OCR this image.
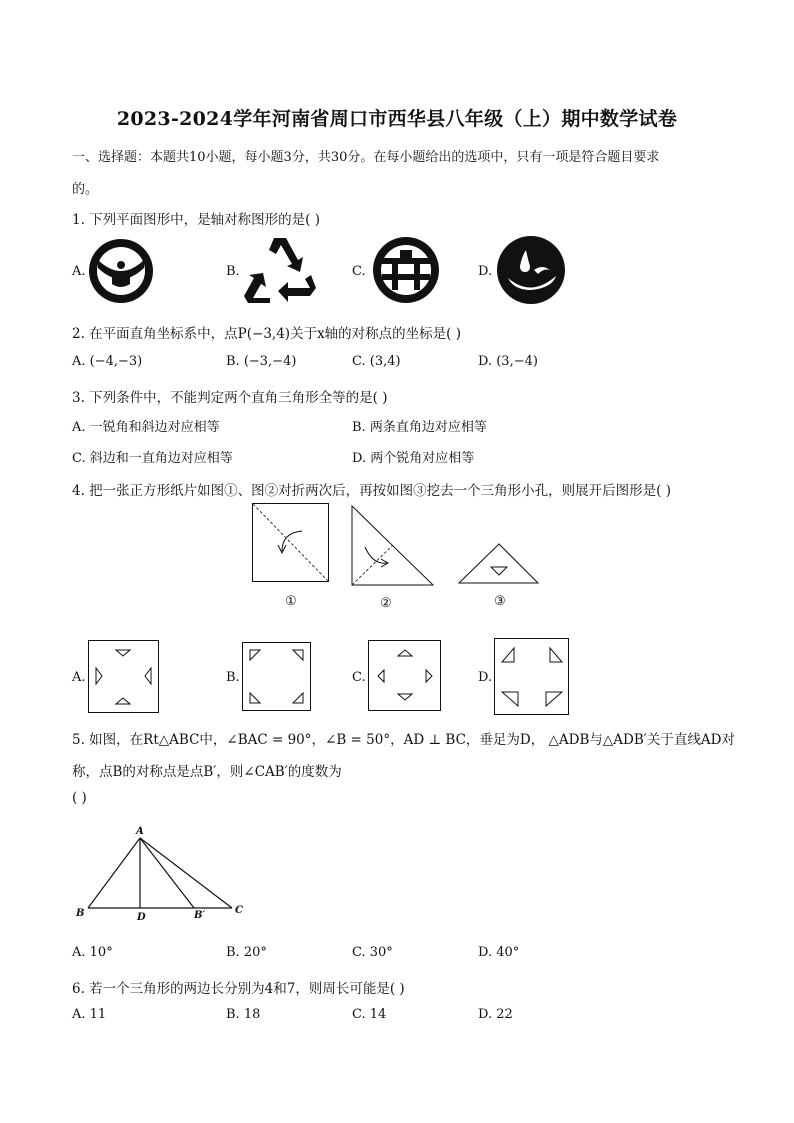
2023-2024学年河南省周口市西华县八年级（上）期中数学试卷
一、选择题：本题共10小题，每小题3分，共30分。在每小题给出的选项中，只有一项是符合题目要求
的。
1. 下列平面图形中，是轴对称图形的是( )
A.	B.	C.	D.
2. 在平面直角坐标系中，点P(−3,4)关于x轴的对称点的坐标是( )
A. (−4,−3)	B. (−3,−4)	C. (3,4)	D. (3,−4)
3. 下列条件中，不能判定两个直角三角形全等的是( )
A. 一锐角和斜边对应相等	B. 两条直角边对应相等
C. 斜边和一直角边对应相等	D. 两个锐角对应相等
4. 把一张正方形纸片如图①、图②对折两次后，再按如图③挖去一个三角形小孔，则展开后图形是( )
①	②	③
A.	B.	C.	D.
5. 如图，在Rt△ABC中，∠BAC = 90°，∠B = 50°，AD ⊥ BC，垂足为D， △ADB与△ADB′关于直线AD对
称，点B的对称点是点B′，则∠CAB′的度数为
( )
A
B	D	B′	C
A. 10°	B. 20°	C. 30°	D. 40°
6. 若一个三角形的两边长分别为4和7，则周长可能是( )
A. 11	B. 18	C. 14	D. 22
